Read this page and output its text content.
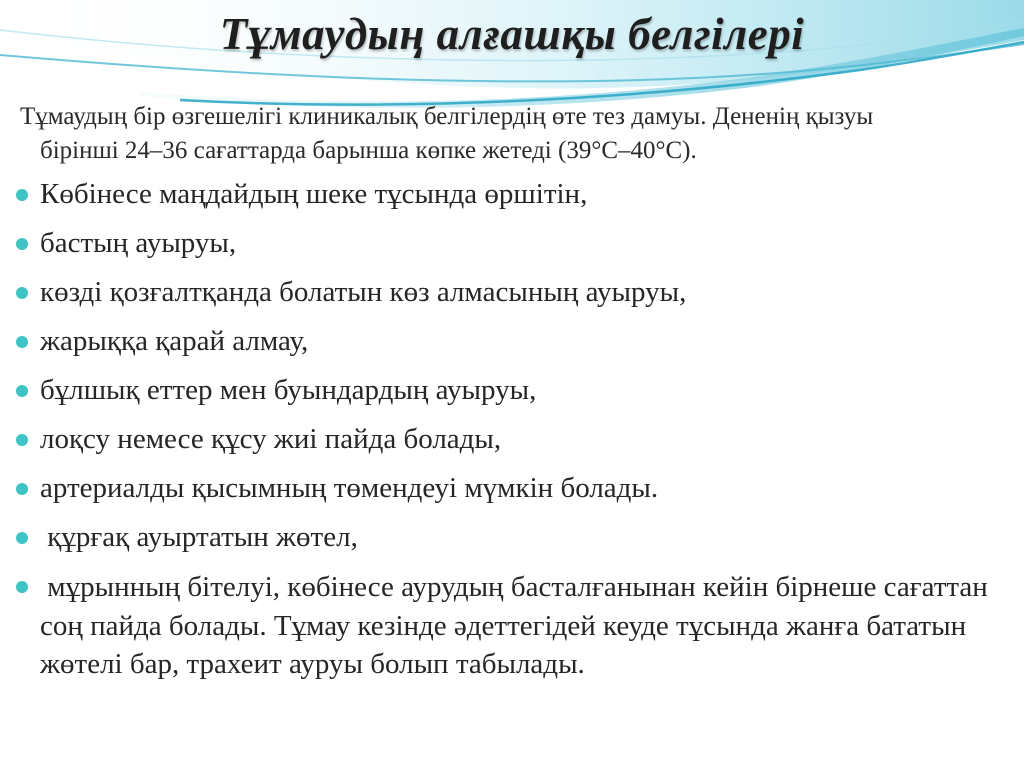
Тұмаудың алғашқы белгілері
Тұмаудың бір өзгешелігі клиникалық белгілердің өте тез дамуы. Дененің қызуы
бірінші 24–36 сағаттарда барынша көпке жетеді (39°С–40°С).
Көбінесе маңдайдың шеке тұсында өршітін,
бастың ауыруы,
көзді қозғалтқанда болатын көз алмасының ауыруы,
жарыққа қарай алмау,
бұлшық еттер мен буындардың ауыруы,
лоқсу немесе құсу жиі пайда болады,
артериалды қысымның төмендеуі мүмкін болады.
құрғақ ауыртатын жөтел,
мұрынның бітелуі, көбінесе аурудың басталғанынан кейін бірнеше сағаттан соң пайда болады. Тұмау кезінде әдеттегідей кеуде тұсында жанға бататын жөтелі бар, трахеит ауруы болып табылады.
